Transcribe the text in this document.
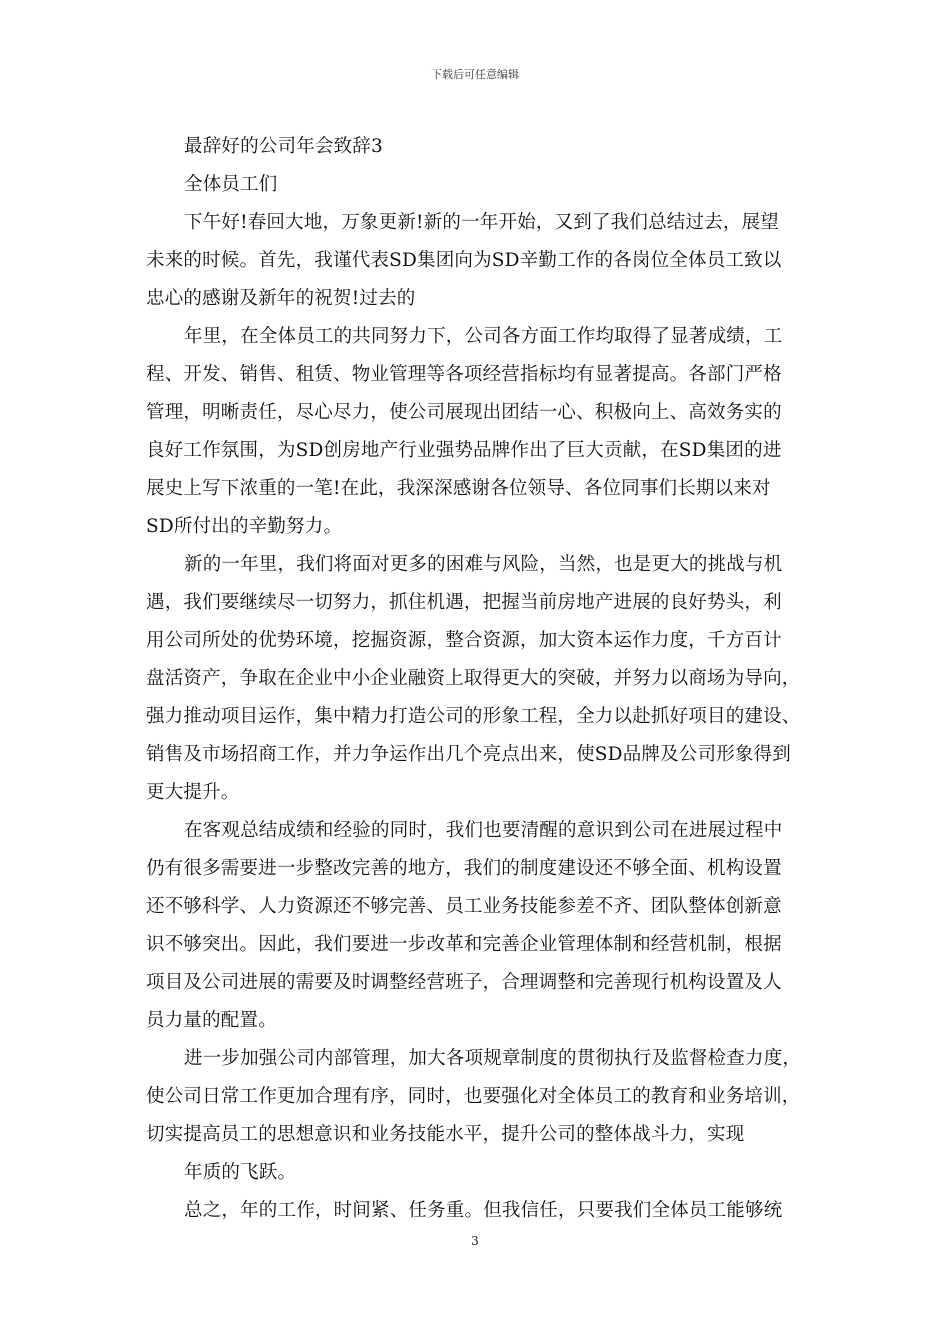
下载后可任意编辑
最辞好的公司年会致辞3
全体员工们
下午好!春回大地，万象更新!新的一年开始，又到了我们总结过去，展望
未来的时候。首先，我谨代表SD集团向为SD辛勤工作的各岗位全体员工致以
忠心的感谢及新年的祝贺!过去的
年里，在全体员工的共同努力下，公司各方面工作均取得了显著成绩，工
程、开发、销售、租赁、物业管理等各项经营指标均有显著提高。各部门严格
管理，明晰责任，尽心尽力，使公司展现出团结一心、积极向上、高效务实的
良好工作氛围，为SD创房地产行业强势品牌作出了巨大贡献，在SD集团的进
展史上写下浓重的一笔!在此，我深深感谢各位领导、各位同事们长期以来对
SD所付出的辛勤努力。
新的一年里，我们将面对更多的困难与风险，当然，也是更大的挑战与机
遇，我们要继续尽一切努力，抓住机遇，把握当前房地产进展的良好势头，利
用公司所处的优势环境，挖掘资源，整合资源，加大资本运作力度，千方百计
盘活资产，争取在企业中小企业融资上取得更大的突破，并努力以商场为导向，
强力推动项目运作，集中精力打造公司的形象工程，全力以赴抓好项目的建设、
销售及市场招商工作，并力争运作出几个亮点出来，使SD品牌及公司形象得到
更大提升。
在客观总结成绩和经验的同时，我们也要清醒的意识到公司在进展过程中
仍有很多需要进一步整改完善的地方，我们的制度建设还不够全面、机构设置
还不够科学、人力资源还不够完善、员工业务技能参差不齐、团队整体创新意
识不够突出。因此，我们要进一步改革和完善企业管理体制和经营机制，根据
项目及公司进展的需要及时调整经营班子，合理调整和完善现行机构设置及人
员力量的配置。
进一步加强公司内部管理，加大各项规章制度的贯彻执行及监督检查力度，
使公司日常工作更加合理有序，同时，也要强化对全体员工的教育和业务培训，
切实提高员工的思想意识和业务技能水平，提升公司的整体战斗力，实现
年质的飞跃。
总之，年的工作，时间紧、任务重。但我信任，只要我们全体员工能够统
3
